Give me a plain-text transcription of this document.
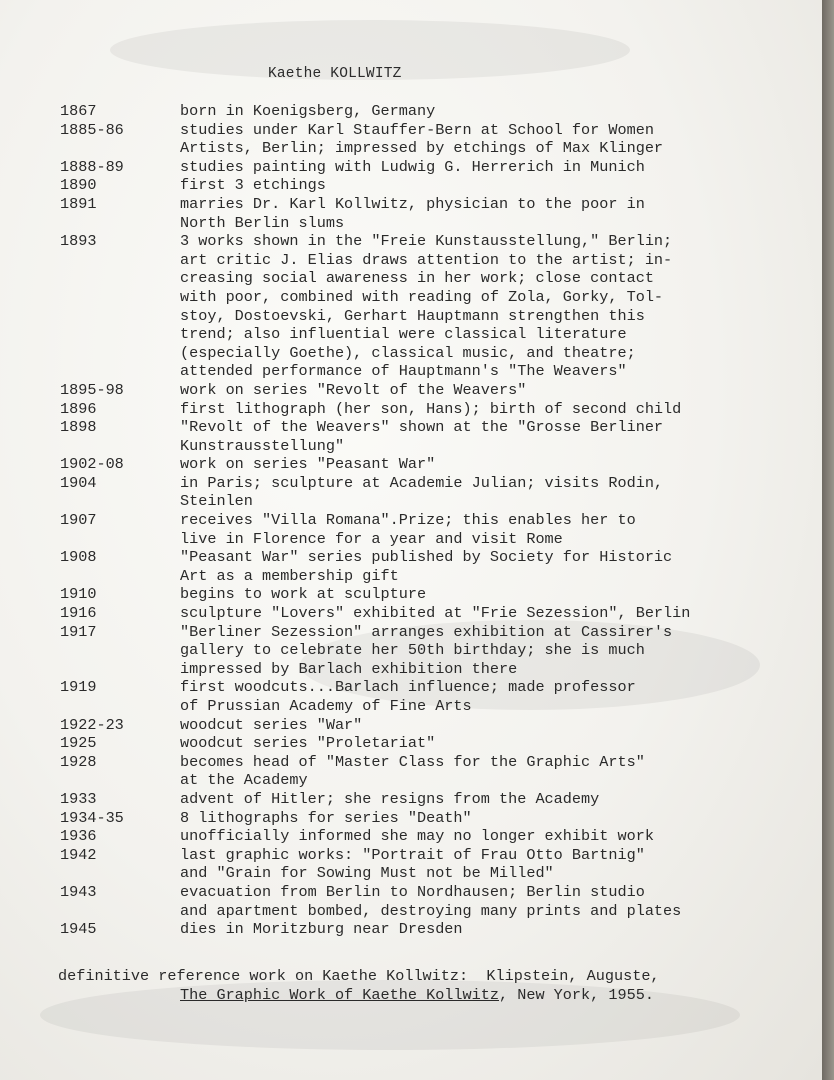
Kaethe KOLLWITZ
1867	born in Koenigsberg, Germany
1885-86	studies under Karl Stauffer-Bern at School for Women
Artists, Berlin; impressed by etchings of Max Klinger
1888-89	studies painting with Ludwig G. Herrerich in Munich
1890	first 3 etchings
1891	marries Dr. Karl Kollwitz, physician to the poor in
North Berlin slums
1893	3 works shown in the "Freie Kunstausstellung," Berlin;
art critic J. Elias draws attention to the artist; in-
creasing social awareness in her work; close contact
with poor, combined with reading of Zola, Gorky, Tol-
stoy, Dostoevski, Gerhart Hauptmann strengthen this
trend; also influential were classical literature
(especially Goethe), classical music, and theatre;
attended performance of Hauptmann's "The Weavers"
1895-98	work on series "Revolt of the Weavers"
1896	first lithograph (her son, Hans); birth of second child
1898	"Revolt of the Weavers" shown at the "Grosse Berliner
Kunstrausstellung"
1902-08	work on series "Peasant War"
1904	in Paris; sculpture at Academie Julian; visits Rodin,
Steinlen
1907	receives "Villa Romana".Prize; this enables her to
live in Florence for a year and visit Rome
1908	"Peasant War" series published by Society for Historic
Art as a membership gift
1910	begins to work at sculpture
1916	sculpture "Lovers" exhibited at "Frie Sezession", Berlin
1917	"Berliner Sezession" arranges exhibition at Cassirer's
gallery to celebrate her 50th birthday; she is much
impressed by Barlach exhibition there
1919	first woodcuts...Barlach influence; made professor
of Prussian Academy of Fine Arts
1922-23	woodcut series "War"
1925	woodcut series "Proletariat"
1928	becomes head of "Master Class for the Graphic Arts"
at the Academy
1933	advent of Hitler; she resigns from the Academy
1934-35	8 lithographs for series "Death"
1936	unofficially informed she may no longer exhibit work
1942	last graphic works: "Portrait of Frau Otto Bartnig"
and "Grain for Sowing Must not be Milled"
1943	evacuation from Berlin to Nordhausen; Berlin studio
and apartment bombed, destroying many prints and plates
1945	dies in Moritzburg near Dresden
definitive reference work on Kaethe Kollwitz: Klipstein, Auguste,
The Graphic Work of Kaethe Kollwitz, New York, 1955.
